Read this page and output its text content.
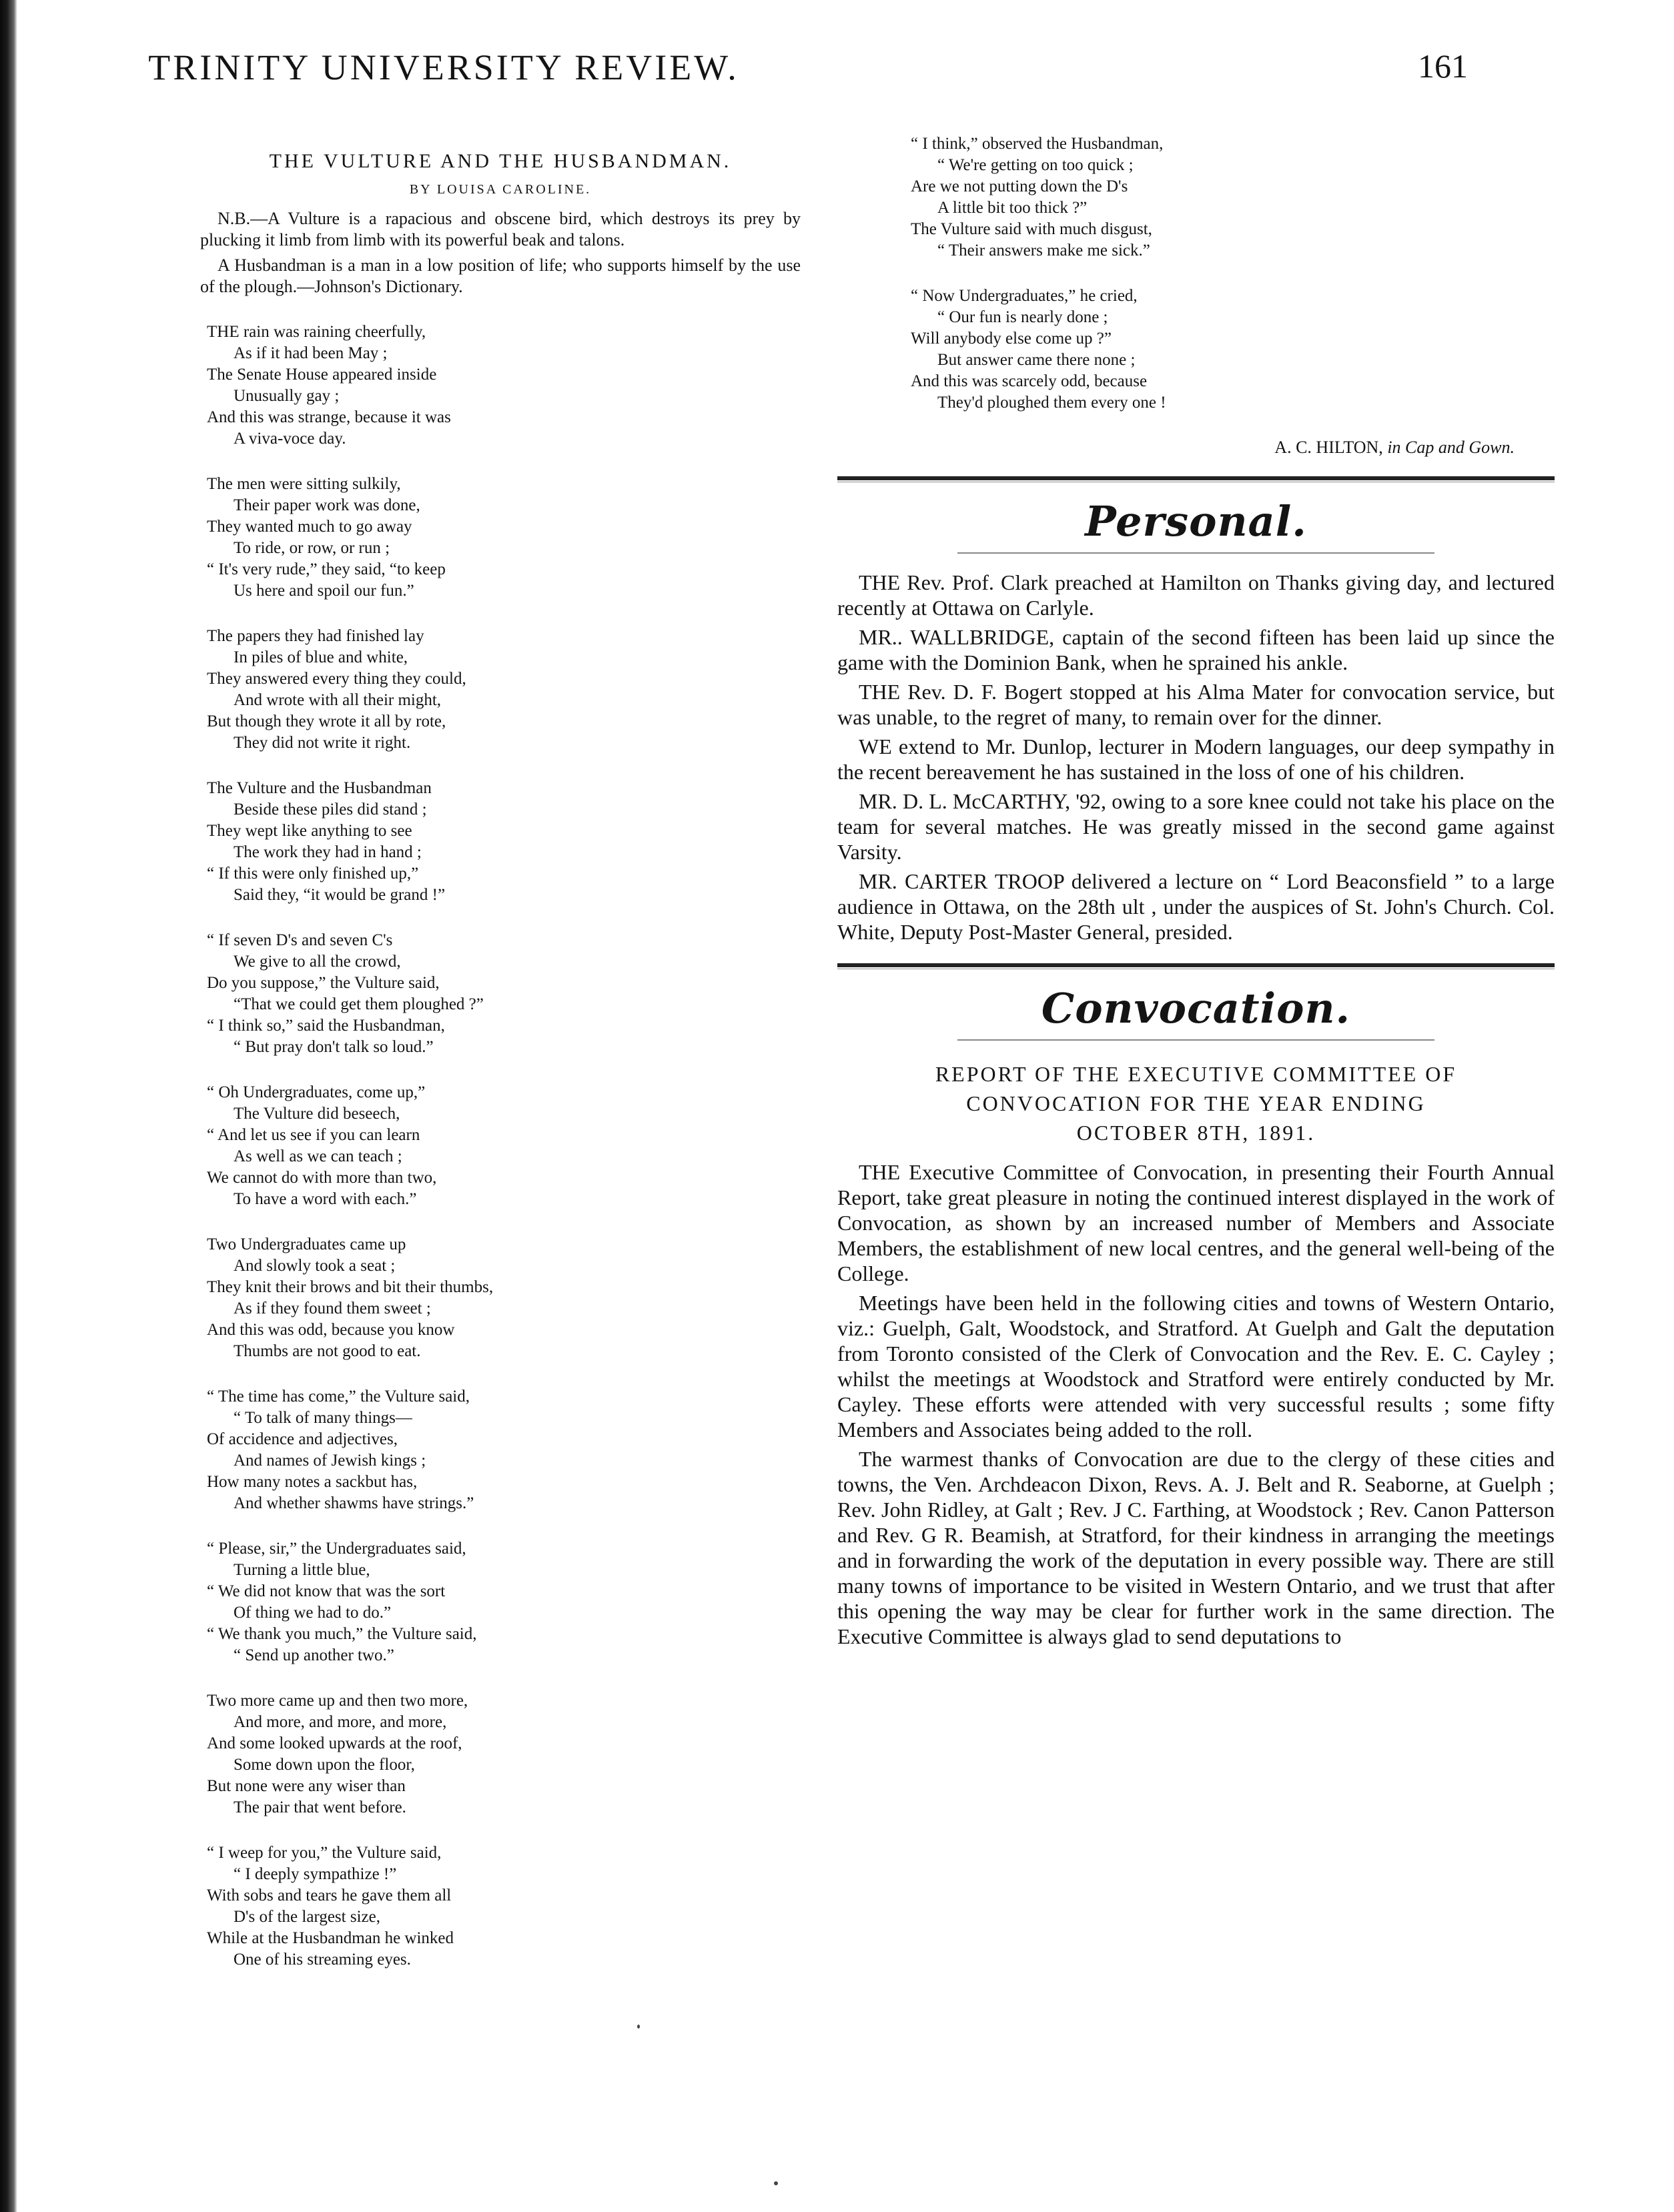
TRINITY UNIVERSITY REVIEW.	161
THE VULTURE AND THE HUSBANDMAN.
BY LOUISA CAROLINE.

N.B.—A Vulture is a rapacious and obscene bird, which destroys its prey by plucking it limb from limb with its powerful beak and talons.

A Husbandman is a man in a low position of life; who supports himself by the use of the plough.—Johnson's Dictionary.

THE rain was raining cheerfully,
As if it had been May ;
The Senate House appeared inside
Unusually gay ;
And this was strange, because it was
A viva-voce day.
The men were sitting sulkily,
Their paper work was done,
They wanted much to go away
To ride, or row, or run ;
“ It's very rude,” they said, “to keep
Us here and spoil our fun.”
The papers they had finished lay
In piles of blue and white,
They answered every thing they could,
And wrote with all their might,
But though they wrote it all by rote,
They did not write it right.
The Vulture and the Husbandman
Beside these piles did stand ;
They wept like anything to see
The work they had in hand ;
“ If this were only finished up,”
Said they, “it would be grand !”
“ If seven D's and seven C's
We give to all the crowd,
Do you suppose,” the Vulture said,
“That we could get them ploughed ?”
“ I think so,” said the Husbandman,
“ But pray don't talk so loud.”
“ Oh Undergraduates, come up,”
The Vulture did beseech,
“ And let us see if you can learn
As well as we can teach ;
We cannot do with more than two,
To have a word with each.”
Two Undergraduates came up
And slowly took a seat ;
They knit their brows and bit their thumbs,
As if they found them sweet ;
And this was odd, because you know
Thumbs are not good to eat.
“ The time has come,” the Vulture said,
“ To talk of many things—
Of accidence and adjectives,
And names of Jewish kings ;
How many notes a sackbut has,
And whether shawms have strings.”
“ Please, sir,” the Undergraduates said,
Turning a little blue,
“ We did not know that was the sort
Of thing we had to do.”
“ We thank you much,” the Vulture said,
“ Send up another two.”
Two more came up and then two more,
And more, and more, and more,
And some looked upwards at the roof,
Some down upon the floor,
But none were any wiser than
The pair that went before.
“ I weep for you,” the Vulture said,
“ I deeply sympathize !”
With sobs and tears he gave them all
D's of the largest size,
While at the Husbandman he winked
One of his streaming eyes.
“ I think,” observed the Husbandman,
“ We're getting on too quick ;
Are we not putting down the D's
A little bit too thick ?”
The Vulture said with much disgust,
“ Their answers make me sick.”
“ Now Undergraduates,” he cried,
“ Our fun is nearly done ;
Will anybody else come up ?”
But answer came there none ;
And this was scarcely odd, because
They'd ploughed them every one !
A. C. HILTON, in Cap and Gown.
Personal.

THE Rev. Prof. Clark preached at Hamilton on Thanks giving day, and lectured recently at Ottawa on Carlyle.

MR.. WALLBRIDGE, captain of the second fifteen has been laid up since the game with the Dominion Bank, when he sprained his ankle.

THE Rev. D. F. Bogert stopped at his Alma Mater for convocation service, but was unable, to the regret of many, to remain over for the dinner.

WE extend to Mr. Dunlop, lecturer in Modern languages, our deep sympathy in the recent bereavement he has sustained in the loss of one of his children.

MR. D. L. McCARTHY, '92, owing to a sore knee could not take his place on the team for several matches. He was greatly missed in the second game against Varsity.

MR. CARTER TROOP delivered a lecture on “ Lord Beaconsfield ” to a large audience in Ottawa, on the 28th ult , under the auspices of St. John's Church. Col. White, Deputy Post-Master General, presided.

Convocation.
REPORT OF THE EXECUTIVE COMMITTEE OF
CONVOCATION FOR THE YEAR ENDING
OCTOBER 8TH, 1891.

THE Executive Committee of Convocation, in presenting their Fourth Annual Report, take great pleasure in noting the continued interest displayed in the work of Convocation, as shown by an increased number of Members and Associate Members, the establishment of new local centres, and the general well-being of the College.

Meetings have been held in the following cities and towns of Western Ontario, viz.: Guelph, Galt, Woodstock, and Stratford. At Guelph and Galt the deputation from Toronto consisted of the Clerk of Convocation and the Rev. E. C. Cayley ; whilst the meetings at Woodstock and Stratford were entirely conducted by Mr. Cayley. These efforts were attended with very successful results ; some fifty Members and Associates being added to the roll.

The warmest thanks of Convocation are due to the clergy of these cities and towns, the Ven. Archdeacon Dixon, Revs. A. J. Belt and R. Seaborne, at Guelph ; Rev. John Ridley, at Galt ; Rev. J C. Farthing, at Woodstock ; Rev. Canon Patterson and Rev. G R. Beamish, at Stratford, for their kindness in arranging the meetings and in forwarding the work of the deputation in every possible way. There are still many towns of importance to be visited in Western Ontario, and we trust that after this opening the way may be clear for further work in the same direction. The Executive Committee is always glad to send deputations to
